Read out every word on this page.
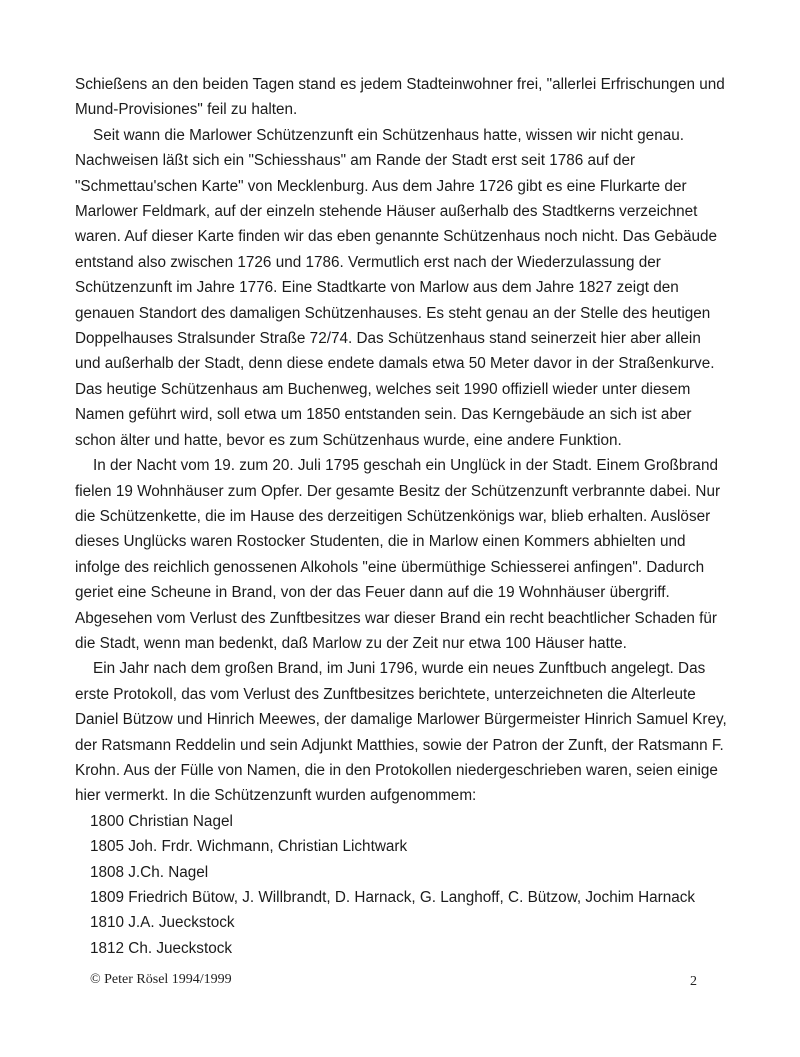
Schießens an den beiden Tagen stand es jedem Stadteinwohner frei, "allerlei Erfrischungen und
Mund-Provisiones" feil zu halten.
Seit wann die Marlower Schützenzunft ein Schützenhaus hatte, wissen wir nicht genau.
Nachweisen läßt sich ein "Schiesshaus" am Rande der Stadt erst seit 1786 auf der
"Schmettau'schen Karte" von Mecklenburg. Aus dem Jahre 1726 gibt es eine Flurkarte der
Marlower Feldmark, auf der einzeln stehende Häuser außerhalb des Stadtkerns verzeichnet
waren. Auf dieser Karte finden wir das eben genannte Schützenhaus noch nicht. Das Gebäude
entstand also zwischen 1726 und 1786. Vermutlich erst nach der Wiederzulassung der
Schützenzunft im Jahre 1776. Eine Stadtkarte von Marlow aus dem Jahre 1827 zeigt den
genauen Standort des damaligen Schützenhauses. Es steht genau an der Stelle des heutigen
Doppelhauses Stralsunder Straße 72/74. Das Schützenhaus stand seinerzeit hier aber allein
und außerhalb der Stadt, denn diese endete damals etwa 50 Meter davor in der Straßenkurve.
Das heutige Schützenhaus am Buchenweg, welches seit 1990 offiziell wieder unter diesem
Namen geführt wird, soll etwa um 1850 entstanden sein. Das Kerngebäude an sich ist aber
schon älter und hatte, bevor es zum Schützenhaus wurde, eine andere Funktion.
In der Nacht vom 19. zum 20. Juli 1795 geschah ein Unglück in der Stadt. Einem Großbrand
fielen 19 Wohnhäuser zum Opfer. Der gesamte Besitz der Schützenzunft verbrannte dabei. Nur
die Schützenkette, die im Hause des derzeitigen Schützenkönigs war, blieb erhalten. Auslöser
dieses Unglücks waren Rostocker Studenten, die in Marlow einen Kommers abhielten und
infolge des reichlich genossenen Alkohols "eine übermüthige Schiesserei anfingen". Dadurch
geriet eine Scheune in Brand, von der das Feuer dann auf die 19 Wohnhäuser übergriff.
Abgesehen vom Verlust des Zunftbesitzes war dieser Brand ein recht beachtlicher Schaden für
die Stadt, wenn man bedenkt, daß Marlow zu der Zeit nur etwa 100 Häuser hatte.
Ein Jahr nach dem großen Brand, im Juni 1796, wurde ein neues Zunftbuch angelegt. Das
erste Protokoll, das vom Verlust des Zunftbesitzes berichtete, unterzeichneten die Alterleute
Daniel Bützow und Hinrich Meewes, der damalige Marlower Bürgermeister Hinrich Samuel Krey,
der Ratsmann Reddelin und sein Adjunkt Matthies, sowie der Patron der Zunft, der Ratsmann F.
Krohn. Aus der Fülle von Namen, die in den Protokollen niedergeschrieben waren, seien einige
hier vermerkt. In die Schützenzunft wurden aufgenommem:
1800 Christian Nagel
1805 Joh. Frdr. Wichmann, Christian Lichtwark
1808 J.Ch. Nagel
1809 Friedrich Bütow, J. Willbrandt, D. Harnack, G. Langhoff, C. Bützow, Jochim Harnack
1810 J.A. Jueckstock
1812 Ch. Jueckstock
© Peter Rösel 1994/1999	2
